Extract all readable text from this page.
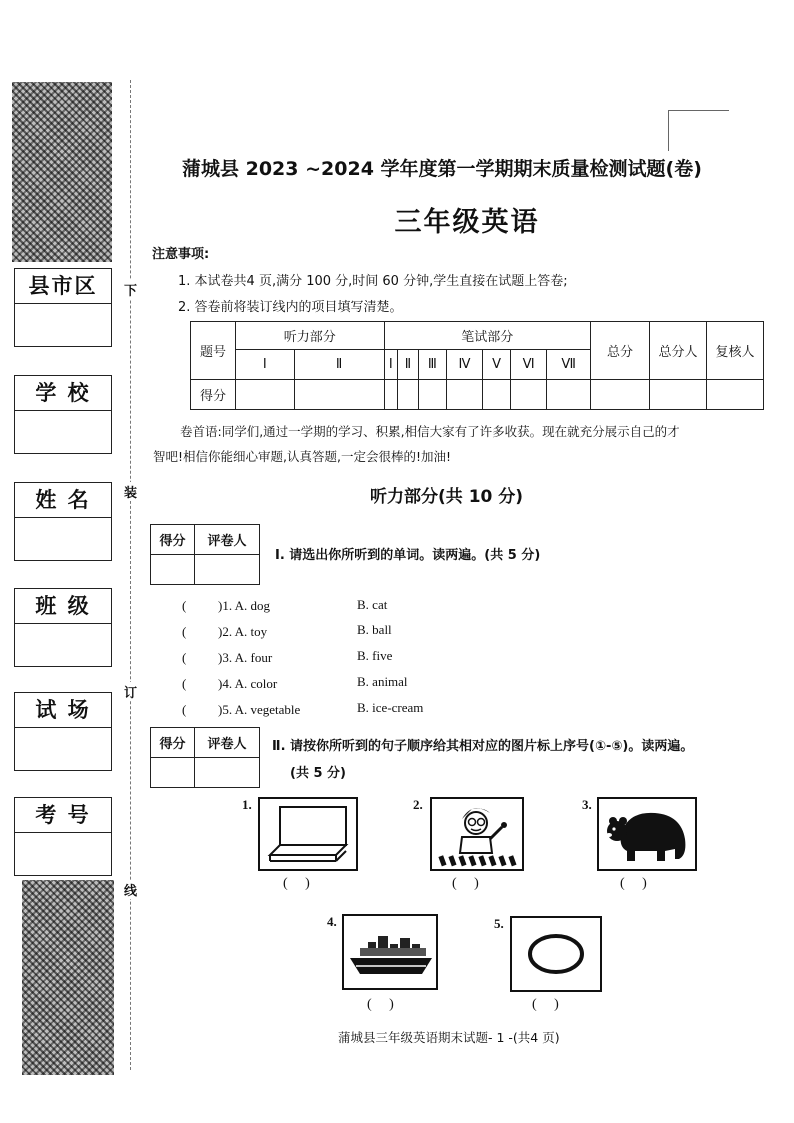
县市区
学 校
姓 名
班 级
试 场
考 号
下
装
订
线
蒲城县 2023 ~2024 学年度第一学期期末质量检测试题(卷)
三年级英语
注意事项:
1. 本试卷共4 页,满分 100 分,时间 60 分钟,学生直接在试题上答卷;
2. 答卷前将装订线内的项目填写清楚。
题号	听力部分		笔试部分							总分	总分人	复核人
	Ⅰ	Ⅱ	Ⅰ	Ⅱ	Ⅲ	Ⅳ	Ⅴ	Ⅵ	Ⅶ			
得分												
卷首语:同学们,通过一学期的学习、积累,相信大家有了许多收获。现在就充分展示自己的才
智吧!相信你能细心审题,认真答题,一定会很棒的!加油!
听力部分(共 10 分)
得分	评卷人

Ⅰ. 请选出你所听到的单词。读两遍。(共 5 分)
( )1. A. dog	B. cat
( )2. A. toy	B. ball
( )3. A. four	B. five
( )4. A. color	B. animal
( )5. A. vegetable	B. ice-cream
得分	评卷人
	Ⅱ. 请按你所听到的句子顺序给其相对应的图片标上序号(①-⑤)。读两遍。
(共 5 分)
1.
(     )
2.
(     )
3.
(     )
4.
(     )
5.
(     )
蒲城县三年级英语期末试题- 1 -(共4 页)
